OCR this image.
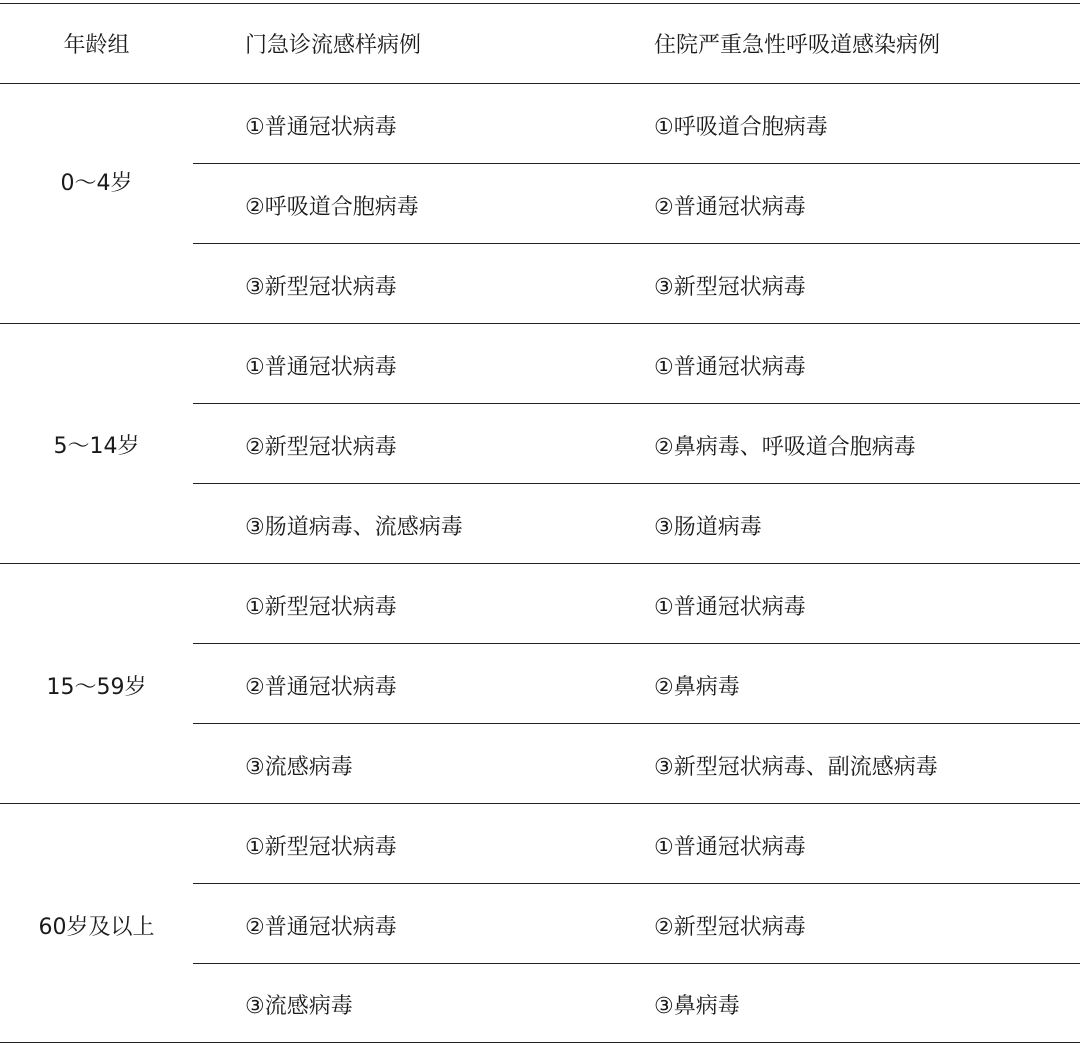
年龄组	门急诊流感样病例	住院严重急性呼吸道感染病例
0～4岁
①普通冠状病毒	①呼吸道合胞病毒
②呼吸道合胞病毒	②普通冠状病毒
③新型冠状病毒	③新型冠状病毒
5～14岁
①普通冠状病毒	①普通冠状病毒
②新型冠状病毒	②鼻病毒、呼吸道合胞病毒
③肠道病毒、流感病毒	③肠道病毒
15～59岁
①新型冠状病毒	①普通冠状病毒
②普通冠状病毒	②鼻病毒
③流感病毒	③新型冠状病毒、副流感病毒
60岁及以上
①新型冠状病毒	①普通冠状病毒
②普通冠状病毒	②新型冠状病毒
③流感病毒	③鼻病毒
